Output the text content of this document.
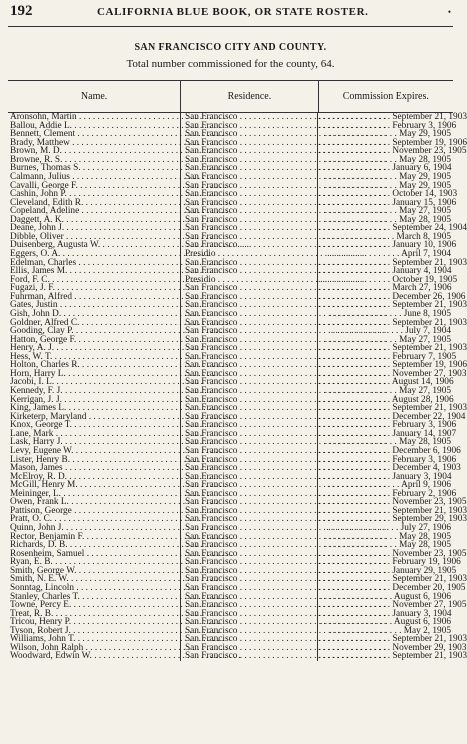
192	CALIFORNIA BLUE BOOK, OR STATE ROSTER.	•
SAN FRANCISCO CITY AND COUNTY.
Total number commissioned for the county, 64.
Name.	Residence.	Commission Expires.
Aronsohn, Martin . . .	San Francisco . . .	. . . September 21, 1903
Ballou, Addie L. . . .	San Francisco . . .	. . . February 3, 1906
Bennett, Clement . . .	San Francisco . . .	. . . May 29, 1905
Brady, Matthew . . .	San Francisco . . .	. . . September 19, 1906
Brown, M. D. . . .	San Francisco . . .	. . . November 23, 1905
Browne, R. S. . . .	San Francisco . . .	. . . May 28, 1905
Burnes, Thomas S. . . .	San Francisco . . .	. . . January 6, 1904
Calmann, Julius . . .	San Francisco . . .	. . . May 29, 1905
Cavalli, George F. . . .	San Francisco . . .	. . . May 29, 1905
Cashin, John P. . . .	San Francisco . . .	. . . October 14, 1903
Cleveland, Edith R. . . .	San Francisco . . .	. . . January 15, 1906
Copeland, Adeline . . .	San Francisco . . .	. . . May 27, 1905
Daggett, A. K. . . .	San Francisco . . .	. . . May 28, 1905
Deane, John J. . . .	San Francisco . . .	. . . September 24, 1904
Dibble, Oliver . . .	San Francisco . . .	. . . March 8, 1905
Duisenberg, Augusta W. . . .	San Francisco . . .	. . . January 10, 1906
Eggers, O. A. . . .	Presidio . . .	. . . April 7, 1904
Edelman, Charles . . .	San Francisco . . .	. . . September 21, 1903
Ellis, James M. . . .	San Francisco . . .	. . . January 4, 1904
Ford, F. C. . . .	Presidio . . .	. . . October 19, 1905
Fugazi, J. F. . . .	San Francisco . . .	. . . March 27, 1906
Fuhrman, Alfred . . .	San Francisco . . .	. . . December 26, 1906
Gates, Justin . . .	San Francisco . . .	. . . September 21, 1903
Gish, John D. . . .	San Francisco . . .	. . . June 8, 1905
Goldner, Alfred C. . . .	San Francisco . . .	. . . September 21, 1903
Gooding, Clay P. . . .	San Francisco . . .	. . . July 7, 1904
Hatton, George F. . . .	San Francisco . . .	. . . May 27, 1905
Henry, A. J. . . .	San Francisco . . .	. . . September 21, 1903
Hess, W. T. . . .	San Francisco . . .	. . . February 7, 1905
Holton, Charles R. . . .	San Francisco . . .	. . . September 19, 1906
Horn, Harry L. . . .	San Francisco . . .	. . . November 27, 1903
Jacobi, I. L. . . .	San Francisco . . .	. . . August 14, 1906
Kennedy, F. J. . . .	San Francisco . . .	. . . May 27, 1905
Kerrigan, J. J. . . .	San Francisco . . .	. . . August 28, 1906
King, James L. . . .	San Francisco . . .	. . . September 21, 1903
Kirketerp, Maryland . . .	San Francisco . . .	. . . December 22, 1904
Knox, George T. . . .	San Francisco . . .	. . . February 3, 1906
Lane, Mark . . .	San Francisco . . .	. . . January 14, 1907
Lask, Harry J. . . .	San Francisco . . .	. . . May 28, 1905
Levy, Eugene W. . . .	San Francisco . . .	. . . December 6, 1906
Lister, Henry B. . . .	San Francisco . . .	. . . February 3, 1906
Mason, James . . .	San Francisco . . .	. . . December 4, 1903
McElroy, R. D. . . .	San Francisco . . .	. . . January 3, 1904
McGill, Henry M. . . .	San Francisco . . .	. . . April 9, 1906
Meininger, L. . . .	San Francisco . . .	. . . February 2, 1906
Owen, Frank L. . . .	San Francisco . . .	. . . November 23, 1905
Pattison, George . . .	San Francisco . . .	. . . September 21, 1903
Pratt, O. C. . . .	San Francisco . . .	. . . September 29, 1903
Quinn, John J. . . .	San Francisco . . .	. . . July 27, 1906
Rector, Benjamin F. . . .	San Francisco . . .	. . . May 28, 1905
Richards, D. B. . . .	San Francisco . . .	. . . May 28, 1905
Rosenheim, Samuel . . .	San Francisco . . .	. . . November 23, 1905
Ryan, E. B. . . .	San Francisco . . .	. . . February 19, 1906
Smith, George W. . . .	San Francisco . . .	. . . January 29, 1905
Smith, N. E. W. . . .	San Francisco . . .	. . . September 21, 1903
Sonntag, Lincoln . . .	San Francisco . . .	. . . December 20, 1905
Stanley, Charles T. . . .	San Francisco . . .	. . . August 6, 1906
Towne, Percy E. . . .	San Francisco . . .	. . . November 27, 1905
Treat, R. B. . . .	San Francisco . . .	. . . January 3, 1904
Tricou, Henry P. . . .	San Francisco . . .	. . . August 6, 1906
Tyson, Robert J. . . .	San Francisco . . .	. . . May 2, 1905
Williams, John T. . . .	San Francisco . . .	. . . September 21, 1903
Wilson, John Ralph . . .	San Francisco . . .	. . . November 29, 1903
Woodward, Edwin W. . . .	San Francisco . . .	. . . September 21, 1903
